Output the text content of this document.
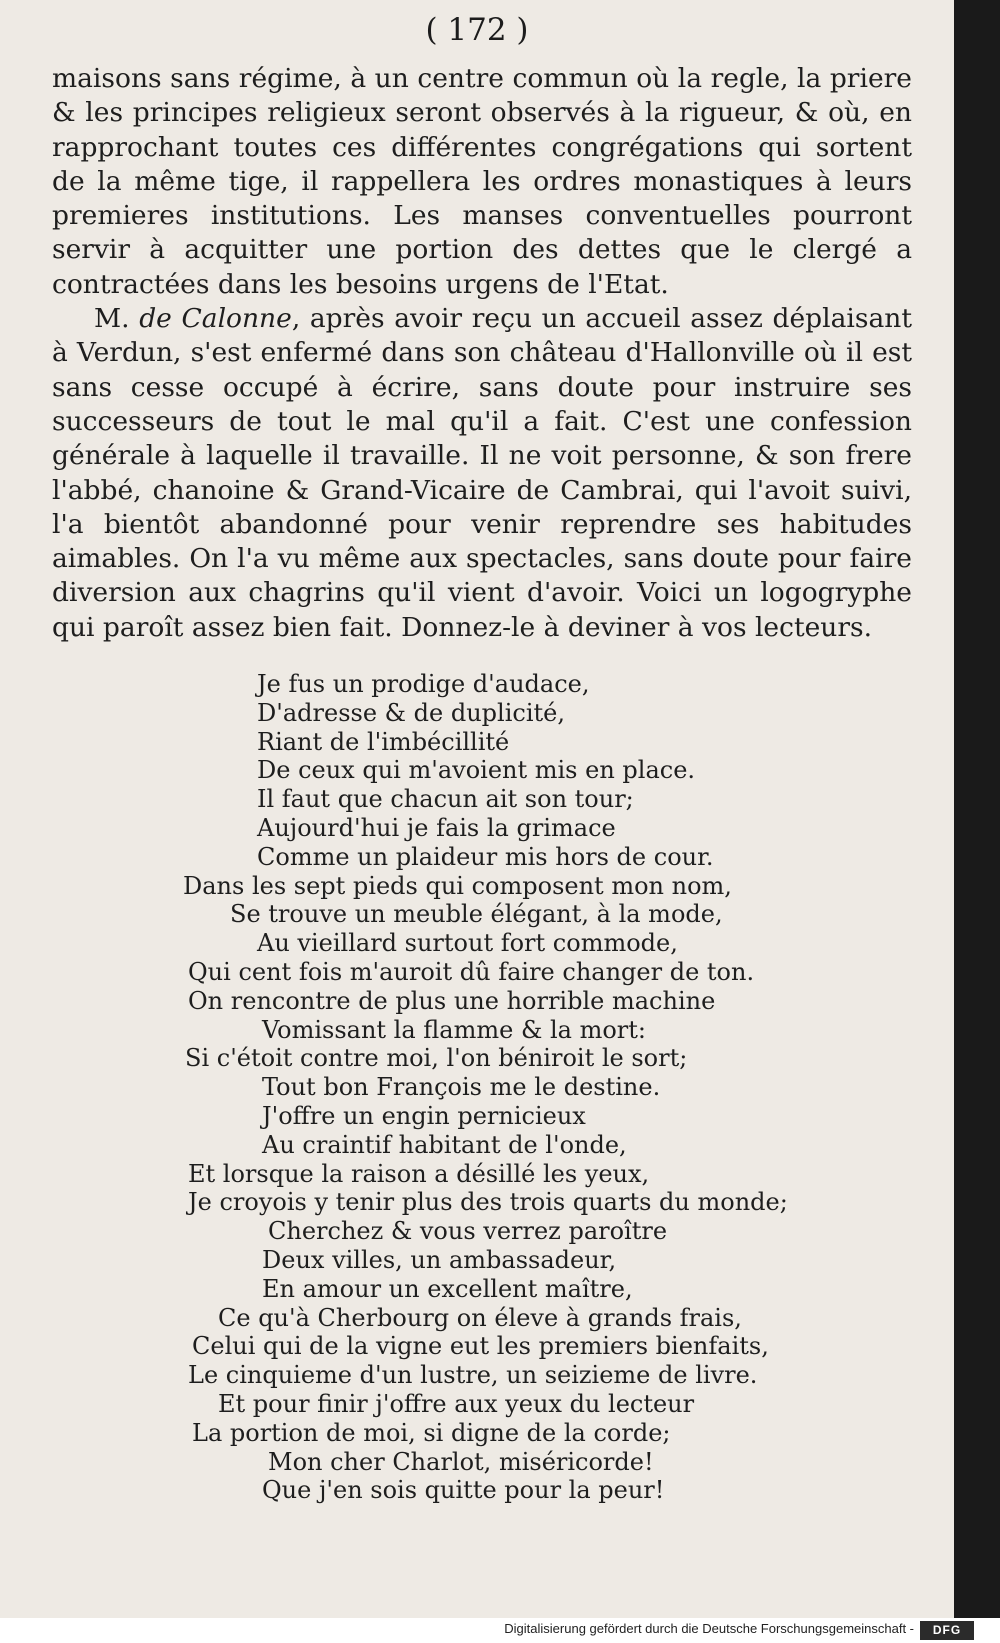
( 172 )

maisons sans régime, à un centre commun où la regle, la priere & les principes religieux seront observés à la rigueur, & où, en rapprochant toutes ces différentes congrégations qui sortent de la même tige, il rappellera les ordres monastiques à leurs premieres institutions. Les manses conventuelles pourront servir à acquitter une portion des dettes que le clergé a contractées dans les besoins urgens de l'Etat.

M. de Calonne, après avoir reçu un accueil assez déplaisant à Verdun, s'est enfermé dans son château d'Hallonville où il est sans cesse occupé à écrire, sans doute pour instruire ses successeurs de tout le mal qu'il a fait. C'est une confession générale à laquelle il travaille. Il ne voit personne, & son frere l'abbé, chanoine & Grand-Vicaire de Cambrai, qui l'avoit suivi, l'a bientôt abandonné pour venir reprendre ses habitudes aimables. On l'a vu même aux spectacles, sans doute pour faire diversion aux chagrins qu'il vient d'avoir. Voici un logogryphe qui paroît assez bien fait. Donnez-le à deviner à vos lecteurs.

Je fus un prodige d'audace,
D'adresse & de duplicité,
Riant de l'imbécillité
De ceux qui m'avoient mis en place.
Il faut que chacun ait son tour;
Aujourd'hui je fais la grimace
Comme un plaideur mis hors de cour.
Dans les sept pieds qui composent mon nom,
Se trouve un meuble élégant, à la mode,
Au vieillard surtout fort commode,
Qui cent fois m'auroit dû faire changer de ton.
On rencontre de plus une horrible machine
Vomissant la flamme & la mort:
Si c'étoit contre moi, l'on béniroit le sort;
Tout bon François me le destine.
J'offre un engin pernicieux
Au craintif habitant de l'onde,
Et lorsque la raison a désillé les yeux,
Je croyois y tenir plus des trois quarts du monde;
Cherchez & vous verrez paroître
Deux villes, un ambassadeur,
En amour un excellent maître,
Ce qu'à Cherbourg on éleve à grands frais,
Celui qui de la vigne eut les premiers bienfaits,
Le cinquieme d'un lustre, un seizieme de livre.
Et pour finir j'offre aux yeux du lecteur
La portion de moi, si digne de la corde;
Mon cher Charlot, miséricorde!
Que j'en sois quitte pour la peur!
Digitalisierung gefördert durch die Deutsche Forschungsgemeinschaft -	DFG
